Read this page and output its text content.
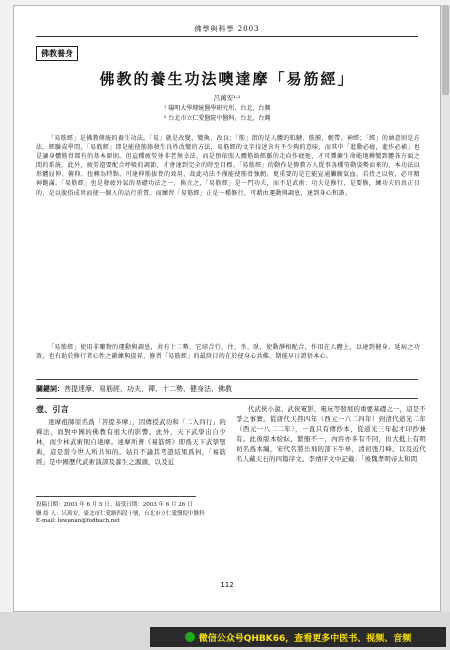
佛學與科學 2003
佛教養身
佛教的養生功法噢達摩「易筋經」
呂萬安¹·²
¹ 陽明大學傳統醫學研究所，台北，台灣
² 台北市立仁愛醫院中醫科，台北，台灣
「易筋經」是佛教傳統的養生功法。「易」就是改變、變換、改良；「筋」指的是人體的肌腱、筋膜、韌帶、神經；「經」的涵意則是方法、經驗或學問。「易筋經」即是能使筋絡發生良性改變的方法，易筋經的文字技述含有不少夠的意味，而其中「進動必疲，進作必補」也是讓身體筋骨都有的基本原則。但這種疲勞並非老無幸法，而是預依照人體筋絡經脈的走向作疲弛，才可彈擴生命能地轉變到體各方面之間的系統。此外，疲勞還要配合呼吸的調節，才會達到完全的時至目標。「易筋經」的動作是傳教方人從事各種勞動姿勢而來的，本功法以形體屈伸、俯仰、扭轉為特點，可達伸筋拔骨的效用，故此功法不僅能使筋骨強韌，更重要的是它能宣通臟腑氣血，若持之以恆，必可精神飽滿。「易筋經」也是發疲外氣的基礎功法之一，換言之，「易筋經」是一門功夫，而不是武術：功夫是修行，是要修，練功夫的真正目的，是以脫俗成世而使一個人的品行重質。而練習「易筋經」正是一種修行，可藉由運動與調息，達到身心和諧。
「易筋經」使用非藥物的運動與調息，共有十二勢，它結合行、住、坐、臥，使動靜相配合，作用在人體上，以達到健身、延病之功效，也有助於修行者心性之鍛練與提昇，修習「易筋經」的最終目的在於使身心共佛，期能早日證悟本心。
關鍵詞：菩提達摩、易筋經、功夫、禪、十二勢、健身法、佛教
壹、引言

達摩祖師原名爲「菩提多摩」，因傳授武功和「二入四行」的禪法，而對中國的佛教有很大的影響。此外，天下武學出自少林，而少林武術則自達摩。達摩所著《易筋經》即爲天下武學聖典，這是當今世人所共知的。姑且不論其考證結果爲何，「易筋經」是中國歷代武術演訓及養生之源頭，以及近

代武俠小說、武俠電影、電玩等發展的重要基礎之一，這是不爭之事實。從唐代天啓四年（西元一六二四年）到清代道光二年（西元一八二二年），一直只有傳抄本，從道光三年起才印抄兼有。此後版本紛紜，繁簡不一，內容亦多有不同，但大抵上有明初名爲本編，宋代名將岳飛的部下牛皋、清初張月峰、以及近代名人藏天石的四篇序文。李靖序文中記載：「後魏孝明帝太和間

投稿日期：2003 年 6 月 5 日；接受日期：2003 年 6 月 26 日
聯 絡 人：呂萬安，臺北市仁愛路四段十號，台北市立仁愛醫院中醫科
E-mail: luwanan@fodbach.net
112
微信公众号QHBK66，查看更多中医书、视频、音频
